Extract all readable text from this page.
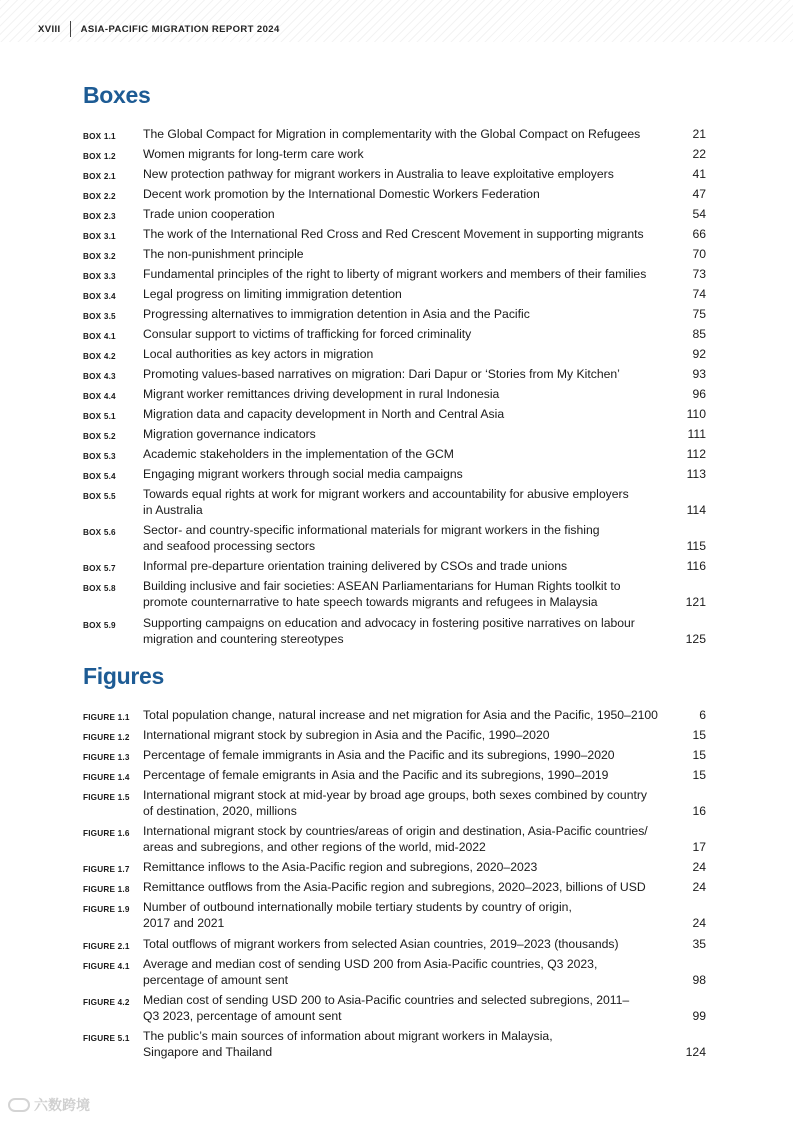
XVIII ASIA-PACIFIC MIGRATION REPORT 2024
Boxes
BOX 1.1	The Global Compact for Migration in complementarity with the Global Compact on Refugees	21
BOX 1.2	Women migrants for long-term care work	22
BOX 2.1	New protection pathway for migrant workers in Australia to leave exploitative employers	41
BOX 2.2	Decent work promotion by the International Domestic Workers Federation	47
BOX 2.3	Trade union cooperation	54
BOX 3.1	The work of the International Red Cross and Red Crescent Movement in supporting migrants	66
BOX 3.2	The non-punishment principle	70
BOX 3.3	Fundamental principles of the right to liberty of migrant workers and members of their families	73
BOX 3.4	Legal progress on limiting immigration detention	74
BOX 3.5	Progressing alternatives to immigration detention in Asia and the Pacific	75
BOX 4.1	Consular support to victims of trafficking for forced criminality	85
BOX 4.2	Local authorities as key actors in migration	92
BOX 4.3	Promoting values-based narratives on migration: Dari Dapur or ‘Stories from My Kitchen’	93
BOX 4.4	Migrant worker remittances driving development in rural Indonesia	96
BOX 5.1	Migration data and capacity development in North and Central Asia	110
BOX 5.2	Migration governance indicators	111
BOX 5.3	Academic stakeholders in the implementation of the GCM	112
BOX 5.4	Engaging migrant workers through social media campaigns	113
BOX 5.5	Towards equal rights at work for migrant workers and accountability for abusive employers
in Australia	114
BOX 5.6	Sector- and country-specific informational materials for migrant workers in the fishing
and seafood processing sectors	115
BOX 5.7	Informal pre-departure orientation training delivered by CSOs and trade unions	116
BOX 5.8	Building inclusive and fair societies: ASEAN Parliamentarians for Human Rights toolkit to
promote counternarrative to hate speech towards migrants and refugees in Malaysia	121
BOX 5.9	Supporting campaigns on education and advocacy in fostering positive narratives on labour
migration and countering stereotypes	125
Figures
FIGURE 1.1	Total population change, natural increase and net migration for Asia and the Pacific, 1950–2100	6
FIGURE 1.2	International migrant stock by subregion in Asia and the Pacific, 1990–2020	15
FIGURE 1.3	Percentage of female immigrants in Asia and the Pacific and its subregions, 1990–2020	15
FIGURE 1.4	Percentage of female emigrants in Asia and the Pacific and its subregions, 1990–2019	15
FIGURE 1.5	International migrant stock at mid-year by broad age groups, both sexes combined by country
of destination, 2020, millions	16
FIGURE 1.6	International migrant stock by countries/areas of origin and destination, Asia-Pacific countries/
areas and subregions, and other regions of the world, mid-2022	17
FIGURE 1.7	Remittance inflows to the Asia-Pacific region and subregions, 2020–2023	24
FIGURE 1.8	Remittance outflows from the Asia-Pacific region and subregions, 2020–2023, billions of USD	24
FIGURE 1.9	Number of outbound internationally mobile tertiary students by country of origin,
2017 and 2021	24
FIGURE 2.1	Total outflows of migrant workers from selected Asian countries, 2019–2023 (thousands)	35
FIGURE 4.1	Average and median cost of sending USD 200 from Asia-Pacific countries, Q3 2023,
percentage of amount sent	98
FIGURE 4.2	Median cost of sending USD 200 to Asia-Pacific countries and selected subregions, 2011–
Q3 2023, percentage of amount sent	99
FIGURE 5.1	The public’s main sources of information about migrant workers in Malaysia,
Singapore and Thailand	124
六数跨境
